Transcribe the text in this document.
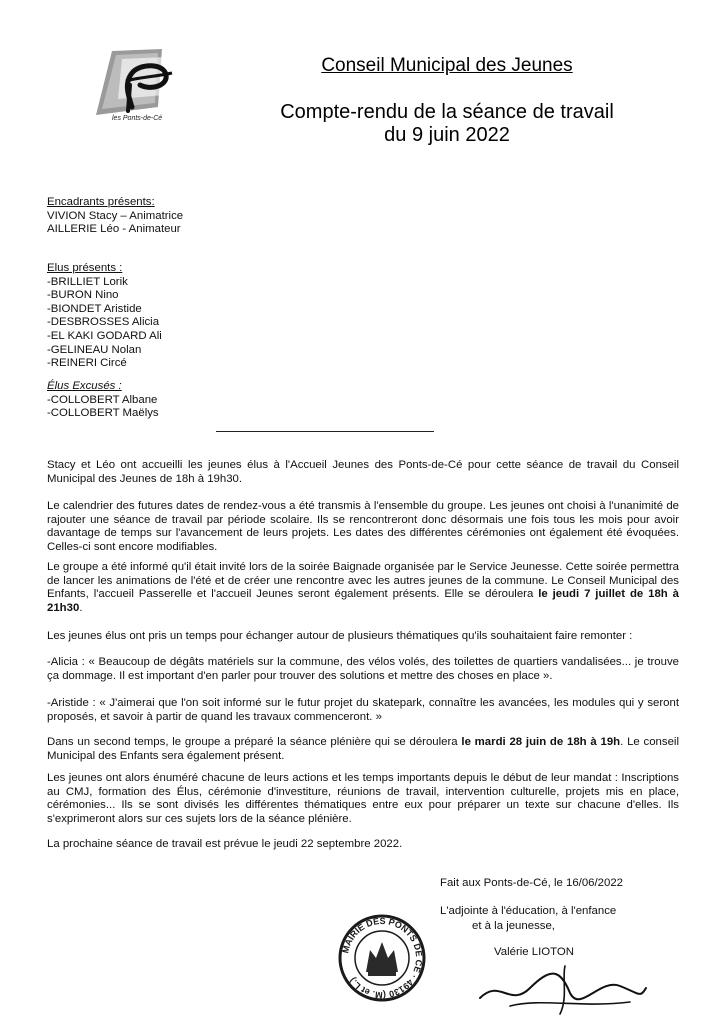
les Ponts-de-Cé
Conseil Municipal des Jeunes
Compte-rendu de la séance de travail
du 9 juin 2022
Encadrants présents:
VIVION Stacy – Animatrice
AILLERIE Léo - Animateur
Elus présents :
-BRILLIET Lorik
-BURON Nino
-BIONDET Aristide
-DESBROSSES Alicia
-EL KAKI GODARD Ali
-GELINEAU Nolan
-REINERI Circé
Élus Excusés :
-COLLOBERT Albane
-COLLOBERT Maëlys

Stacy et Léo ont accueilli les jeunes élus à l'Accueil Jeunes des Ponts-de-Cé pour cette séance de travail du Conseil Municipal des Jeunes de 18h à 19h30.

Le calendrier des futures dates de rendez-vous a été transmis à l'ensemble du groupe. Les jeunes ont choisi à l'unanimité de rajouter une séance de travail par période scolaire. Ils se rencontreront donc désormais une fois tous les mois pour avoir davantage de temps sur l'avancement de leurs projets. Les dates des différentes cérémonies ont également été évoquées. Celles-ci sont encore modifiables.

Le groupe a été informé qu'il était invité lors de la soirée Baignade organisée par le Service Jeunesse. Cette soirée permettra de lancer les animations de l'été et de créer une rencontre avec les autres jeunes de la commune. Le Conseil Municipal des Enfants, l'accueil Passerelle et l'accueil Jeunes seront également présents. Elle se déroulera le jeudi 7 juillet de 18h à 21h30.

Les jeunes élus ont pris un temps pour échanger autour de plusieurs thématiques qu'ils souhaitaient faire remonter :

-Alicia : « Beaucoup de dégâts matériels sur la commune, des vélos volés, des toilettes de quartiers vandalisées... je trouve ça dommage. Il est important d'en parler pour trouver des solutions et mettre des choses en place ».

-Aristide : « J'aimerai que l'on soit informé sur le futur projet du skatepark, connaître les avancées, les modules qui y seront proposés, et savoir à partir de quand les travaux commenceront. »

Dans un second temps, le groupe a préparé la séance plénière qui se déroulera le mardi 28 juin de 18h à 19h. Le conseil Municipal des Enfants sera également présent.

Les jeunes ont alors énuméré chacune de leurs actions et les temps importants depuis le début de leur mandat : Inscriptions au CMJ, formation des Élus, cérémonie d'investiture, réunions de travail, intervention culturelle, projets mis en place, cérémonies... Ils se sont divisés les différentes thématiques entre eux pour préparer un texte sur chacune d'elles. Ils s'exprimeront alors sur ces sujets lors de la séance plénière.

La prochaine séance de travail est prévue le jeudi 22 septembre 2022.

Fait aux Ponts-de-Cé, le 16/06/2022
L'adjointe à l'éducation, à l'enfance
et à la jeunesse,
Valérie LIOTON
MAIRIE DES PONTS DE CÉ · 49130 (M. et L.)
